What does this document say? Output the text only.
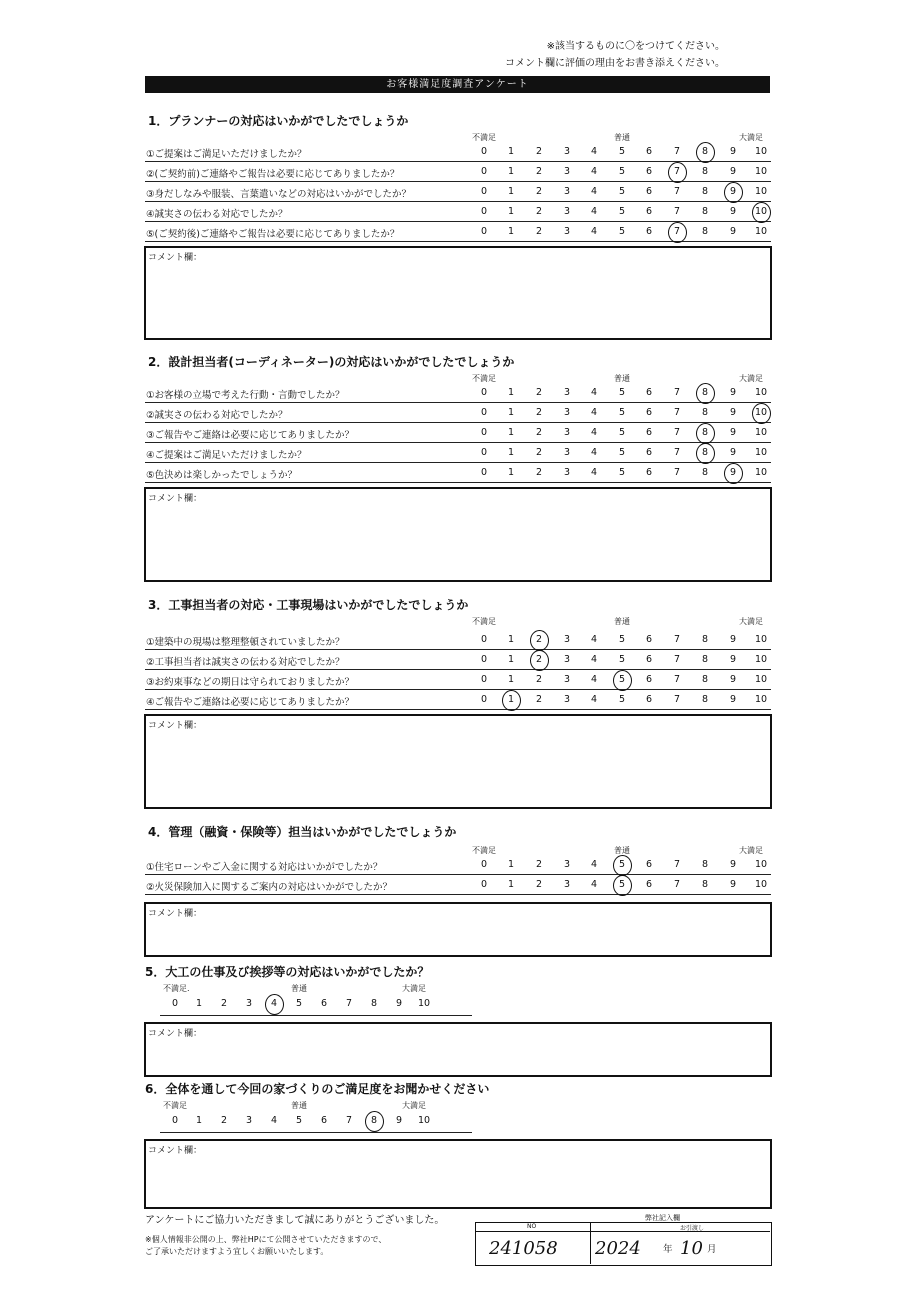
※該当するものに〇をつけてください。
コメント欄に評価の理由をお書き添えください。
お客様満足度調査アンケート
1．プランナーの対応はいかがでしたでしょうか
不満足	普通	大満足
①ご提案はご満足いただけましたか？	0	1	2	3	4	5	6	7	8	9	10
②(ご契約前)ご連絡やご報告は必要に応じてありましたか？	0	1	2	3	4	5	6	7	8	9	10
③身だしなみや服装、言葉遣いなどの対応はいかがでしたか？	0	1	2	3	4	5	6	7	8	9	10
④誠実さの伝わる対応でしたか？	0	1	2	3	4	5	6	7	8	9	10
⑤(ご契約後)ご連絡やご報告は必要に応じてありましたか？	0	1	2	3	4	5	6	7	8	9	10
コメント欄：
2．設計担当者(コーディネーター)の対応はいかがでしたでしょうか
不満足	普通	大満足
①お客様の立場で考えた行動・言動でしたか？	0	1	2	3	4	5	6	7	8	9	10
②誠実さの伝わる対応でしたか？	0	1	2	3	4	5	6	7	8	9	10
③ご報告やご連絡は必要に応じてありましたか？	0	1	2	3	4	5	6	7	8	9	10
④ご提案はご満足いただけましたか？	0	1	2	3	4	5	6	7	8	9	10
⑤色決めは楽しかったでしょうか？	0	1	2	3	4	5	6	7	8	9	10
コメント欄：
3．工事担当者の対応・工事現場はいかがでしたでしょうか
不満足	普通	大満足
①建築中の現場は整理整頓されていましたか？	0	1	2	3	4	5	6	7	8	9	10
②工事担当者は誠実さの伝わる対応でしたか？	0	1	2	3	4	5	6	7	8	9	10
③お約束事などの期日は守られておりましたか？	0	1	2	3	4	5	6	7	8	9	10
④ご報告やご連絡は必要に応じてありましたか？	0	1	2	3	4	5	6	7	8	9	10
コメント欄：
4．管理（融資・保険等）担当はいかがでしたでしょうか
不満足	普通	大満足
①住宅ローンやご入金に関する対応はいかがでしたか？	0	1	2	3	4	5	6	7	8	9	10
②火災保険加入に関するご案内の対応はいかがでしたか？	0	1	2	3	4	5	6	7	8	9	10
コメント欄：
5．大工の仕事及び挨拶等の対応はいかがでしたか？
不満足.	普通	大満足
0	1	2	3	4	5	6	7	8	9	10
コメント欄：
6．全体を通して今回の家づくりのご満足度をお聞かせください
不満足	普通	大満足
0	1	2	3	4	5	6	7	8	9	10
コメント欄：
アンケートにご協力いただきまして誠にありがとうございました。
※個人情報非公開の上、弊社HPにて公開させていただきますので、
ご了承いただけますよう宜しくお願いいたします。
弊社記入欄
NO	お引渡し
241058 2024 年 10 月
